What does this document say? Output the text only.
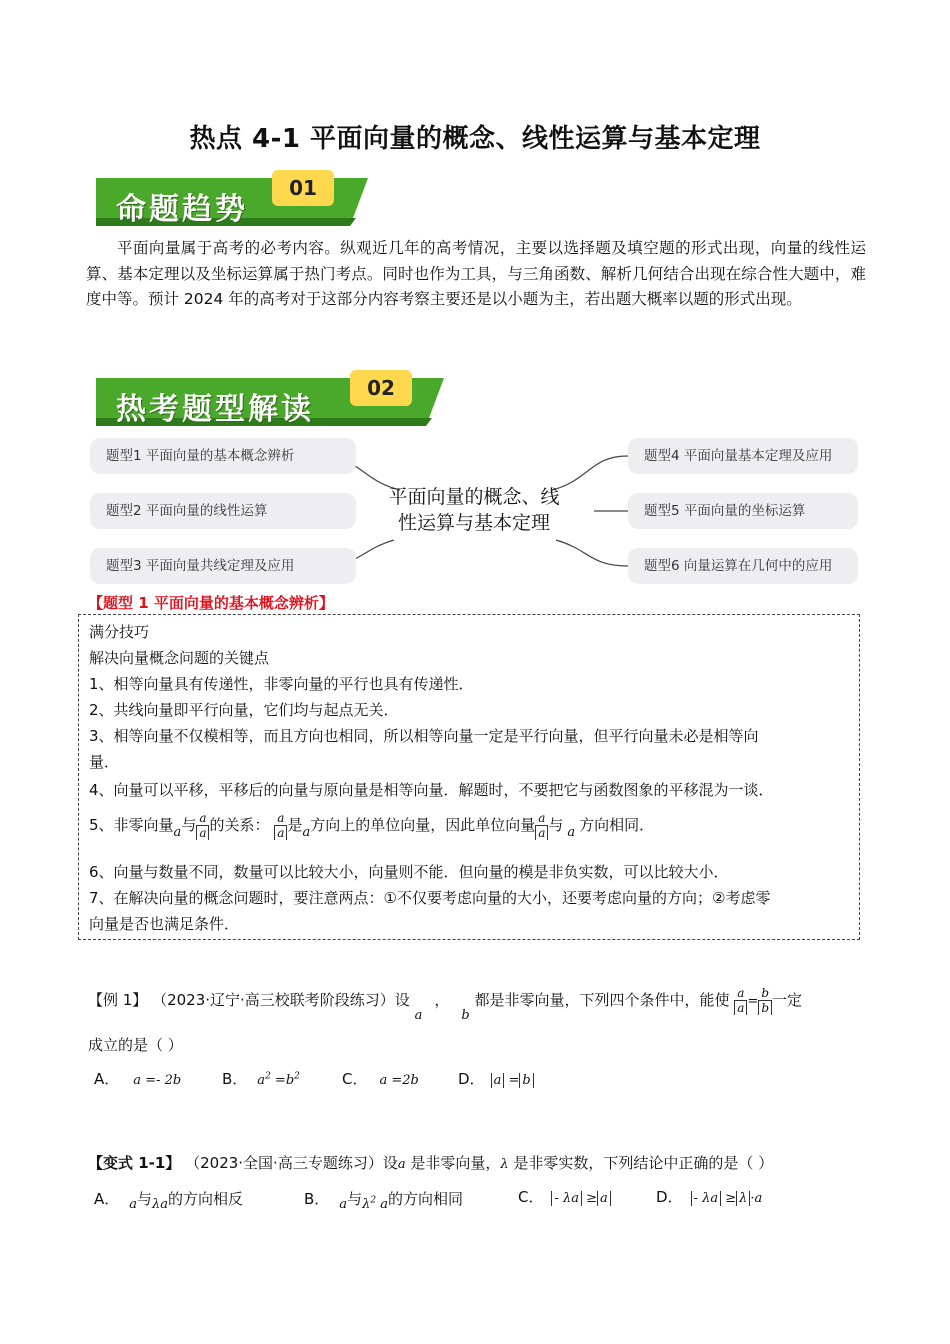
热点 4-1 平面向量的概念、线性运算与基本定理
命题趋势
01
平面向量属于高考的必考内容。纵观近几年的高考情况，主要以选择题及填空题的形式出现，向量的线性运算、基本定理以及坐标运算属于热门考点。同时也作为工具，与三角函数、解析几何结合出现在综合性大题中，难度中等。预计 2024 年的高考对于这部分内容考察主要还是以小题为主，若出题大概率以题的形式出现。
热考题型解读
02
题型1 平面向量的基本概念辨析
题型2 平面向量的线性运算
题型3 平面向量共线定理及应用
题型4 平面向量基本定理及应用
题型5 平面向量的坐标运算
题型6 向量运算在几何中的应用
平面向量的概念、线
性运算与基本定理
【题型 1 平面向量的基本概念辨析】
满分技巧
解决向量概念问题的关键点
1、相等向量具有传递性，非零向量的平行也具有传递性．
2、共线向量即平行向量，它们均与起点无关．
3、相等向量不仅模相等，而且方向也相同，所以相等向量一定是平行向量，但平行向量未必是相等向
量．
4、向量可以平移，平移后的向量与原向量是相等向量．解题时，不要把它与函数图象的平移混为一谈．
5、非零向量a与 $\frac{a}{a}$ 的关系： $\frac{a}{a}$ 是a方向上的单位向量，因此单位向量 $\frac{a}{a}$ 与 a 方向相同．
6、向量与数量不同，数量可以比较大小，向量则不能．但向量的模是非负实数，可以比较大小．
7、在解决向量的概念问题时，要注意两点：①不仅要考虑向量的大小，还要考虑向量的方向；②考虑零
向量是否也满足条件．
【例 1】 （2023·辽宁·高三校联考阶段练习）设 a，b 都是非零向量，下列四个条件中，能使 $\frac{a}{a} = \frac{b}{b}$ 一定
成立的是（ ）
A． a =- 2b	B． $a^2 =b^2$	C． a =2b	D． a = b
【变式 1-1】 （2023·全国·高三专题练习）设a 是非零向量，λ 是非零实数，下列结论中正确的是（ ）
A． a与λa的方向相反	B． a与$\lambda^2$ a的方向相同	C． - λa ≥ a	D． - λa ≥ λ ·a
